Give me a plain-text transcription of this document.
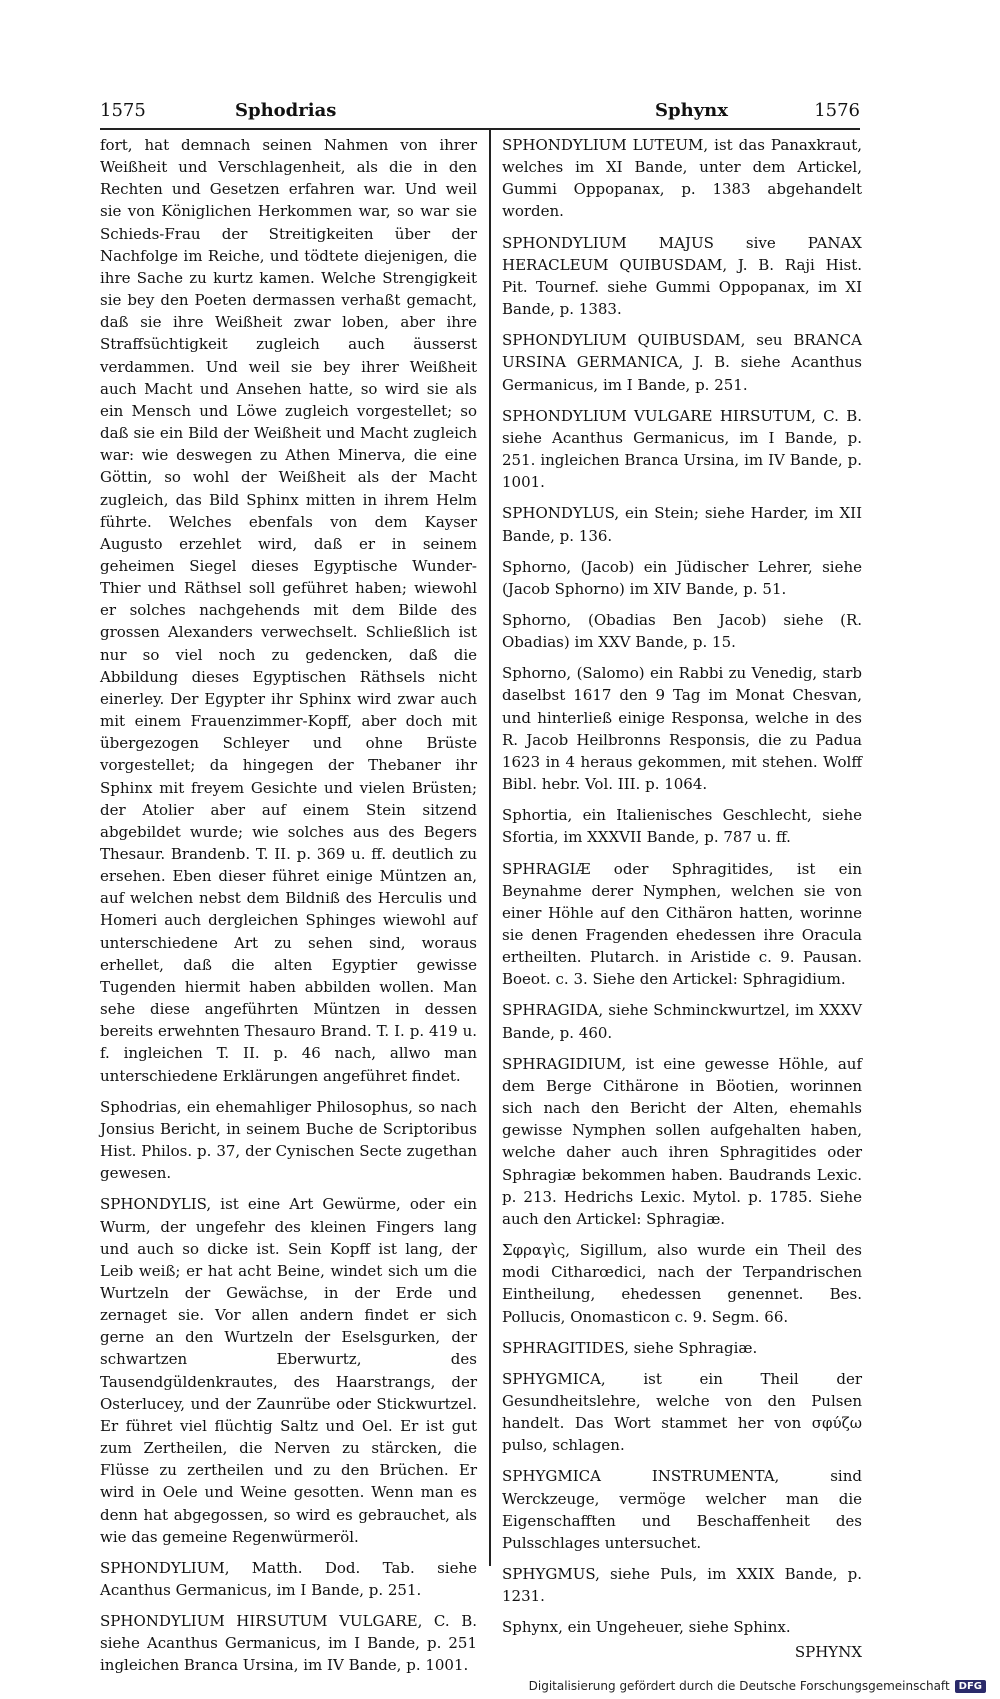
1575	Sphodrias	Sphynx	1576

fort, hat demnach seinen Nahmen von ihrer Weißheit und Verschlagenheit, als die in den Rechten und Gesetzen erfahren war. Und weil sie von Königlichen Herkommen war, so war sie Schieds-Frau der Streitigkeiten über der Nachfolge im Reiche, und tödtete diejenigen, die ihre Sache zu kurtz kamen. Welche Strengigkeit sie bey den Poeten dermassen verhaßt gemacht, daß sie ihre Weißheit zwar loben, aber ihre Straffsüchtigkeit zugleich auch äusserst verdammen. Und weil sie bey ihrer Weißheit auch Macht und Ansehen hatte, so wird sie als ein Mensch und Löwe zugleich vorgestellet; so daß sie ein Bild der Weißheit und Macht zugleich war: wie deswegen zu Athen Minerva, die eine Göttin, so wohl der Weißheit als der Macht zugleich, das Bild Sphinx mitten in ihrem Helm führte. Welches ebenfals von dem Kayser Augusto erzehlet wird, daß er in seinem geheimen Siegel dieses Egyptische Wunder-Thier und Räthsel soll geführet haben; wiewohl er solches nachgehends mit dem Bilde des grossen Alexanders verwechselt. Schließlich ist nur so viel noch zu gedencken, daß die Abbildung dieses Egyptischen Räthsels nicht einerley. Der Egypter ihr Sphinx wird zwar auch mit einem Frauenzimmer-Kopff, aber doch mit übergezogen Schleyer und ohne Brüste vorgestellet; da hingegen der Thebaner ihr Sphinx mit freyem Gesichte und vielen Brüsten; der Atolier aber auf einem Stein sitzend abgebildet wurde; wie solches aus des Begers Thesaur. Brandenb. T. II. p. 369 u. ff. deutlich zu ersehen. Eben dieser führet einige Müntzen an, auf welchen nebst dem Bildniß des Herculis und Homeri auch dergleichen Sphinges wiewohl auf unterschiedene Art zu sehen sind, woraus erhellet, daß die alten Egyptier gewisse Tugenden hiermit haben abbilden wollen. Man sehe diese angeführten Müntzen in dessen bereits erwehnten Thesauro Brand. T. I. p. 419 u. f. ingleichen T. II. p. 46 nach, allwo man unterschiedene Erklärungen angeführet findet.

Sphodrias, ein ehemahliger Philosophus, so nach Jonsius Bericht, in seinem Buche de Scriptoribus Hist. Philos. p. 37, der Cynischen Secte zugethan gewesen.

SPHONDYLIS, ist eine Art Gewürme, oder ein Wurm, der ungefehr des kleinen Fingers lang und auch so dicke ist. Sein Kopff ist lang, der Leib weiß; er hat acht Beine, windet sich um die Wurtzeln der Gewächse, in der Erde und zernaget sie. Vor allen andern findet er sich gerne an den Wurtzeln der Eselsgurken, der schwartzen Eberwurtz, des Tausendgüldenkrautes, des Haarstrangs, der Osterlucey, und der Zaunrübe oder Stickwurtzel. Er führet viel flüchtig Saltz und Oel. Er ist gut zum Zertheilen, die Nerven zu stärcken, die Flüsse zu zertheilen und zu den Brüchen. Er wird in Oele und Weine gesotten. Wenn man es denn hat abgegossen, so wird es gebrauchet, als wie das gemeine Regenwürmeröl.

SPHONDYLIUM, Matth. Dod. Tab. siehe Acanthus Germanicus, im I Bande, p. 251.

SPHONDYLIUM HIRSUTUM VULGARE, C. B. siehe Acanthus Germanicus, im I Bande, p. 251 ingleichen Branca Ursina, im IV Bande, p. 1001.

SPHONDYLIUM LUTEUM, ist das Panaxkraut, welches im XI Bande, unter dem Artickel, Gummi Oppopanax, p. 1383 abgehandelt worden.

SPHONDYLIUM MAJUS sive PANAX HERACLEUM QUIBUSDAM, J. B. Raji Hist. Pit. Tournef. siehe Gummi Oppopanax, im XI Bande, p. 1383.

SPHONDYLIUM QUIBUSDAM, seu BRANCA URSINA GERMANICA, J. B. siehe Acanthus Germanicus, im I Bande, p. 251.

SPHONDYLIUM VULGARE HIRSUTUM, C. B. siehe Acanthus Germanicus, im I Bande, p. 251. ingleichen Branca Ursina, im IV Bande, p. 1001.

SPHONDYLUS, ein Stein; siehe Harder, im XII Bande, p. 136.

Sphorno, (Jacob) ein Jüdischer Lehrer, siehe (Jacob Sphorno) im XIV Bande, p. 51.

Sphorno, (Obadias Ben Jacob) siehe (R. Obadias) im XXV Bande, p. 15.

Sphorno, (Salomo) ein Rabbi zu Venedig, starb daselbst 1617 den 9 Tag im Monat Chesvan, und hinterließ einige Responsa, welche in des R. Jacob Heilbronns Responsis, die zu Padua 1623 in 4 heraus gekommen, mit stehen. Wolff Bibl. hebr. Vol. III. p. 1064.

Sphortia, ein Italienisches Geschlecht, siehe Sfortia, im XXXVII Bande, p. 787 u. ff.

SPHRAGIÆ oder Sphragitides, ist ein Beynahme derer Nymphen, welchen sie von einer Höhle auf den Cithäron hatten, worinne sie denen Fragenden ehedessen ihre Oracula ertheilten. Plutarch. in Aristide c. 9. Pausan. Boeot. c. 3. Siehe den Artickel: Sphragidium.

SPHRAGIDA, siehe Schminckwurtzel, im XXXV Bande, p. 460.

SPHRAGIDIUM, ist eine gewesse Höhle, auf dem Berge Cithärone in Böotien, worinnen sich nach den Bericht der Alten, ehemahls gewisse Nymphen sollen aufgehalten haben, welche daher auch ihren Sphragitides oder Sphragiæ bekommen haben. Baudrands Lexic. p. 213. Hedrichs Lexic. Mytol. p. 1785. Siehe auch den Artickel: Sphragiæ.

Σφραγὶς, Sigillum, also wurde ein Theil des modi Citharœdici, nach der Terpandrischen Eintheilung, ehedessen genennet. Bes. Pollucis, Onomasticon c. 9. Segm. 66.

SPHRAGITIDES, siehe Sphragiæ.

SPHYGMICA, ist ein Theil der Gesundheitslehre, welche von den Pulsen handelt. Das Wort stammet her von σφύζω pulso, schlagen.

SPHYGMICA INSTRUMENTA, sind Werckzeuge, vermöge welcher man die Eigenschafften und Beschaffenheit des Pulsschlages untersuchet.

SPHYGMUS, siehe Puls, im XXIX Bande, p. 1231.

Sphynx, ein Ungeheuer, siehe Sphinx.

SPHYNX

Digitalisierung gefördert durch die Deutsche Forschungsgemeinschaft DFG
